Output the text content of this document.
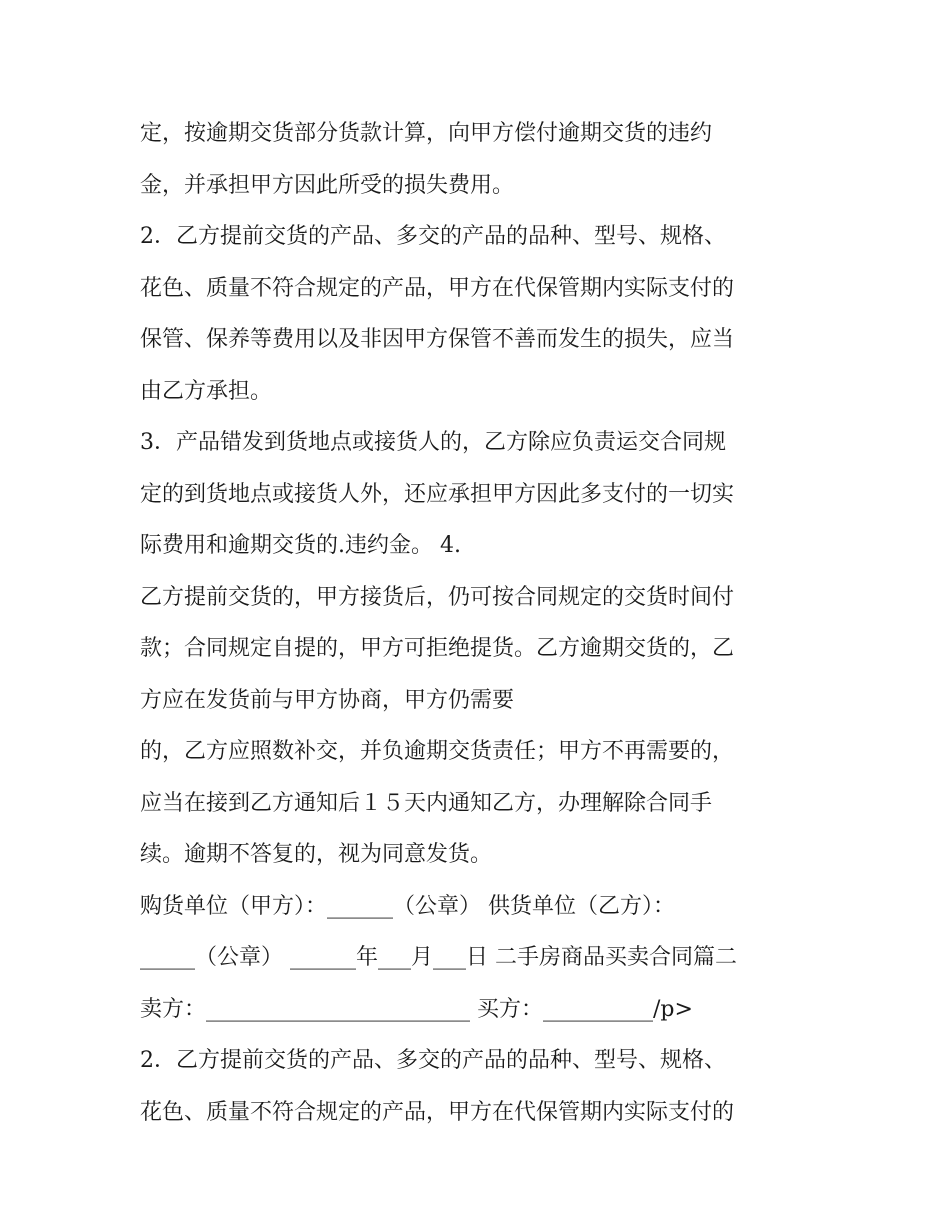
定，按逾期交货部分货款计算，向甲方偿付逾期交货的违约
金，并承担甲方因此所受的损失费用。
2．乙方提前交货的产品、多交的产品的品种、型号、规格、
花色、质量不符合规定的产品，甲方在代保管期内实际支付的
保管、保养等费用以及非因甲方保管不善而发生的损失，应当
由乙方承担。
3．产品错发到货地点或接货人的，乙方除应负责运交合同规
定的到货地点或接货人外，还应承担甲方因此多支付的一切实
际费用和逾期交货的.违约金。 4.
乙方提前交货的，甲方接货后，仍可按合同规定的交货时间付
款；合同规定自提的，甲方可拒绝提货。乙方逾期交货的，乙
方应在发货前与甲方协商，甲方仍需要
的，乙方应照数补交，并负逾期交货责任；甲方不再需要的，
应当在接到乙方通知后１５天内通知乙方，办理解除合同手
续。逾期不答复的，视为同意发货。
购货单位（甲方）：______（公章） 供货单位（乙方）：
_____（公章） ______年___月___日 二手房商品买卖合同篇二
卖方：________________________ 买方：__________/p>
2．乙方提前交货的产品、多交的产品的品种、型号、规格、
花色、质量不符合规定的产品，甲方在代保管期内实际支付的
